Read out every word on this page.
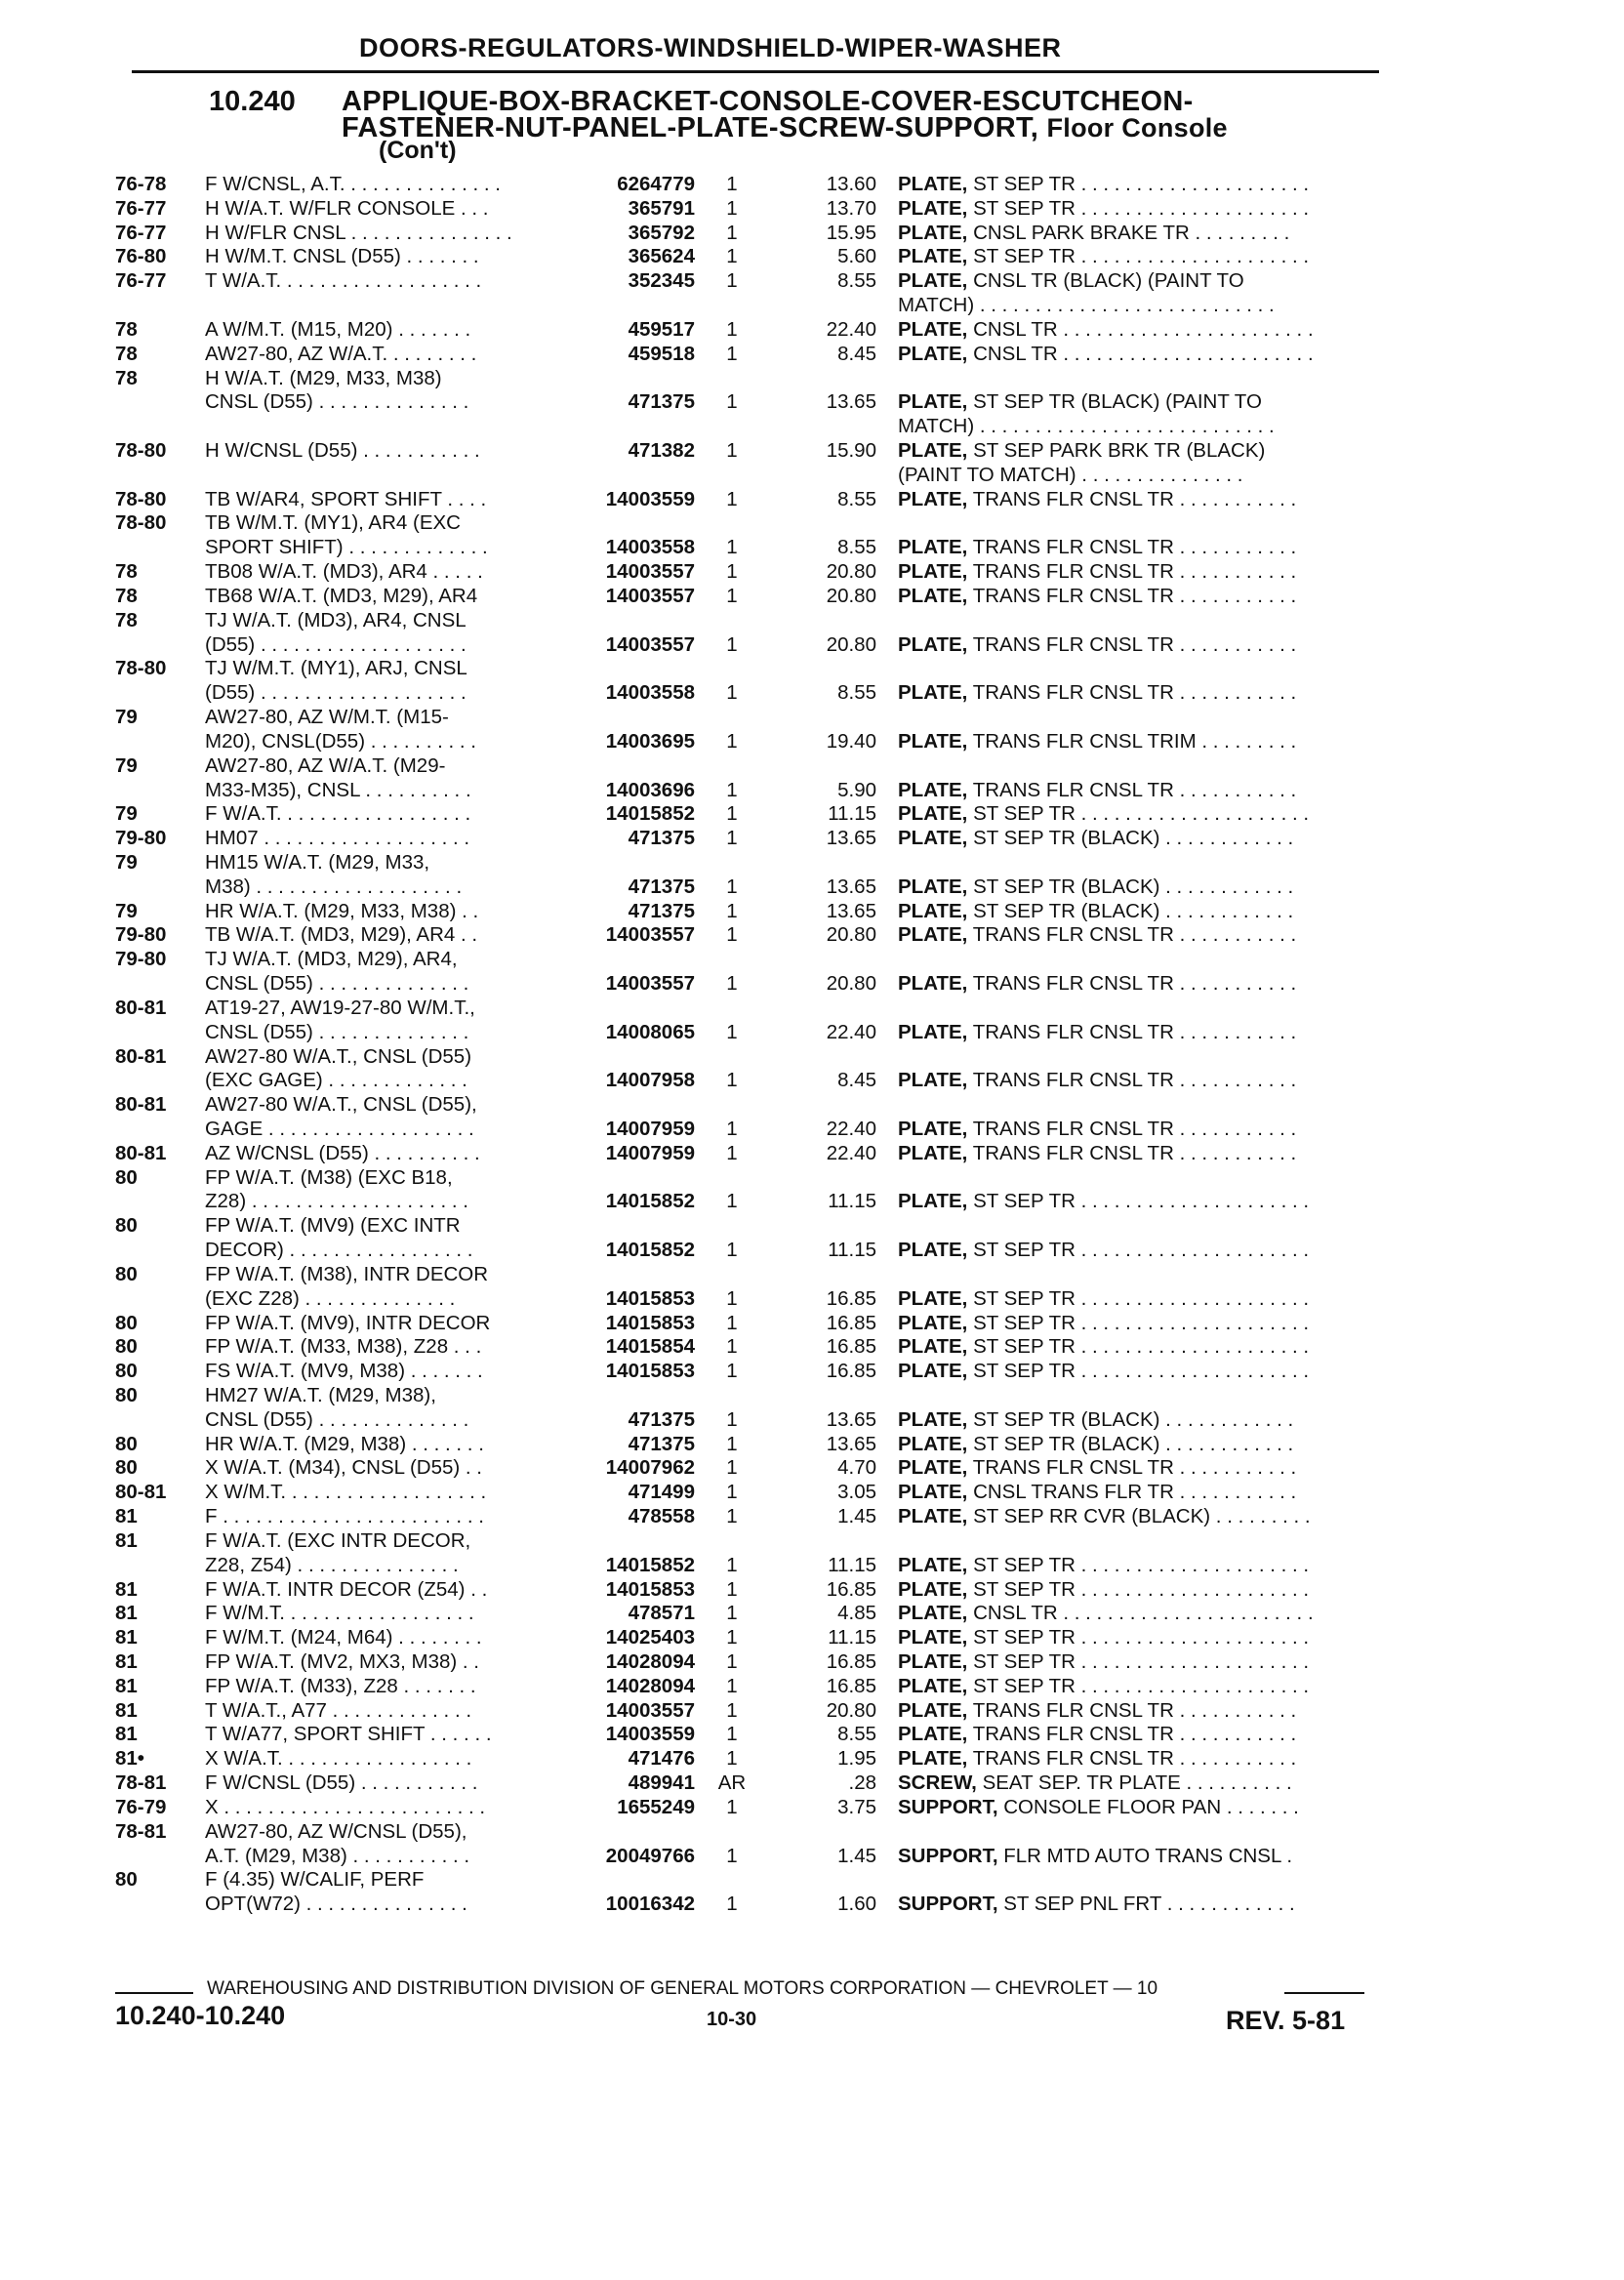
DOORS-REGULATORS-WINDSHIELD-WIPER-WASHER
10.240 APPLIQUE-BOX-BRACKET-CONSOLE-COVER-ESCUTCHEON-
FASTENER-NUT-PANEL-PLATE-SCREW-SUPPORT, Floor Console
(Con't)
76-78	F W/CNSL, A.T. . . . . . . . . . . . . . .	6264779	1	13.60 PLATE, ST SEP TR . . . . . . . . . . . . . . . . . . . . .
76-77	H W/A.T. W/FLR CONSOLE . . .	365791	1	13.70 PLATE, ST SEP TR . . . . . . . . . . . . . . . . . . . . .
76-77	H W/FLR CNSL . . . . . . . . . . . . . . .	365792	1	15.95 PLATE, CNSL PARK BRAKE TR . . . . . . . . .
76-80	H W/M.T. CNSL (D55) . . . . . . .	365624	1	5.60 PLATE, ST SEP TR . . . . . . . . . . . . . . . . . . . . .
76-77	T W/A.T. . . . . . . . . . . . . . . . . . .	352345	1	8.55 PLATE, CNSL TR (BLACK) (PAINT TO
MATCH) . . . . . . . . . . . . . . . . . . . . . . . . . . .
78	A W/M.T. (M15, M20) . . . . . . .	459517	1	22.40 PLATE, CNSL TR . . . . . . . . . . . . . . . . . . . . . . .
78	AW27-80, AZ W/A.T. . . . . . . . .	459518	1	8.45 PLATE, CNSL TR . . . . . . . . . . . . . . . . . . . . . . .
78	H W/A.T. (M29, M33, M38)
CNSL (D55) . . . . . . . . . . . . . .	471375	1	13.65 PLATE, ST SEP TR (BLACK) (PAINT TO
MATCH) . . . . . . . . . . . . . . . . . . . . . . . . . . .
78-80	H W/CNSL (D55) . . . . . . . . . . .	471382	1	15.90 PLATE, ST SEP PARK BRK TR (BLACK)
(PAINT TO MATCH) . . . . . . . . . . . . . . .
78-80	TB W/AR4, SPORT SHIFT . . . .	14003559	1	8.55 PLATE, TRANS FLR CNSL TR . . . . . . . . . . .
78-80	TB W/M.T. (MY1), AR4 (EXC
SPORT SHIFT) . . . . . . . . . . . . .	14003558	1	8.55 PLATE, TRANS FLR CNSL TR . . . . . . . . . . .
78	TB08 W/A.T. (MD3), AR4 . . . . .	14003557	1	20.80 PLATE, TRANS FLR CNSL TR . . . . . . . . . . .
78	TB68 W/A.T. (MD3, M29), AR4	14003557	1	20.80 PLATE, TRANS FLR CNSL TR . . . . . . . . . . .
78	TJ W/A.T. (MD3), AR4, CNSL
(D55) . . . . . . . . . . . . . . . . . . .	14003557	1	20.80 PLATE, TRANS FLR CNSL TR . . . . . . . . . . .
78-80	TJ W/M.T. (MY1), ARJ, CNSL
(D55) . . . . . . . . . . . . . . . . . . .	14003558	1	8.55 PLATE, TRANS FLR CNSL TR . . . . . . . . . . .
79	AW27-80, AZ W/M.T. (M15-
M20), CNSL(D55) . . . . . . . . . .	14003695	1	19.40 PLATE, TRANS FLR CNSL TRIM . . . . . . . . .
79	AW27-80, AZ W/A.T. (M29-
M33-M35), CNSL . . . . . . . . . .	14003696	1	5.90 PLATE, TRANS FLR CNSL TR . . . . . . . . . . .
79	F W/A.T. . . . . . . . . . . . . . . . . .	14015852	1	11.15 PLATE, ST SEP TR . . . . . . . . . . . . . . . . . . . . .
79-80	HM07 . . . . . . . . . . . . . . . . . . .	471375	1	13.65 PLATE, ST SEP TR (BLACK) . . . . . . . . . . . .
79	HM15 W/A.T. (M29, M33,
M38) . . . . . . . . . . . . . . . . . . .	471375	1	13.65 PLATE, ST SEP TR (BLACK) . . . . . . . . . . . .
79	HR W/A.T. (M29, M33, M38) . .	471375	1	13.65 PLATE, ST SEP TR (BLACK) . . . . . . . . . . . .
79-80	TB W/A.T. (MD3, M29), AR4 . .	14003557	1	20.80 PLATE, TRANS FLR CNSL TR . . . . . . . . . . .
79-80	TJ W/A.T. (MD3, M29), AR4,
CNSL (D55) . . . . . . . . . . . . . .	14003557	1	20.80 PLATE, TRANS FLR CNSL TR . . . . . . . . . . .
80-81	AT19-27, AW19-27-80 W/M.T.,
CNSL (D55) . . . . . . . . . . . . . .	14008065	1	22.40 PLATE, TRANS FLR CNSL TR . . . . . . . . . . .
80-81	AW27-80 W/A.T., CNSL (D55)
(EXC GAGE) . . . . . . . . . . . . .	14007958	1	8.45 PLATE, TRANS FLR CNSL TR . . . . . . . . . . .
80-81	AW27-80 W/A.T., CNSL (D55),
GAGE . . . . . . . . . . . . . . . . . . .	14007959	1	22.40 PLATE, TRANS FLR CNSL TR . . . . . . . . . . .
80-81	AZ W/CNSL (D55) . . . . . . . . . .	14007959	1	22.40 PLATE, TRANS FLR CNSL TR . . . . . . . . . . .
80	FP W/A.T. (M38) (EXC B18,
Z28) . . . . . . . . . . . . . . . . . . . .	14015852	1	11.15 PLATE, ST SEP TR . . . . . . . . . . . . . . . . . . . . .
80	FP W/A.T. (MV9) (EXC INTR
DECOR) . . . . . . . . . . . . . . . . .	14015852	1	11.15 PLATE, ST SEP TR . . . . . . . . . . . . . . . . . . . . .
80	FP W/A.T. (M38), INTR DECOR
(EXC Z28) . . . . . . . . . . . . . .	14015853	1	16.85 PLATE, ST SEP TR . . . . . . . . . . . . . . . . . . . . .
80	FP W/A.T. (MV9), INTR DECOR	14015853	1	16.85 PLATE, ST SEP TR . . . . . . . . . . . . . . . . . . . . .
80	FP W/A.T. (M33, M38), Z28 . . .	14015854	1	16.85 PLATE, ST SEP TR . . . . . . . . . . . . . . . . . . . . .
80	FS W/A.T. (MV9, M38) . . . . . . .	14015853	1	16.85 PLATE, ST SEP TR . . . . . . . . . . . . . . . . . . . . .
80	HM27 W/A.T. (M29, M38),
CNSL (D55) . . . . . . . . . . . . . .	471375	1	13.65 PLATE, ST SEP TR (BLACK) . . . . . . . . . . . .
80	HR W/A.T. (M29, M38) . . . . . . .	471375	1	13.65 PLATE, ST SEP TR (BLACK) . . . . . . . . . . . .
80	X W/A.T. (M34), CNSL (D55) . .	14007962	1	4.70 PLATE, TRANS FLR CNSL TR . . . . . . . . . . .
80-81	X W/M.T. . . . . . . . . . . . . . . . . . .	471499	1	3.05 PLATE, CNSL TRANS FLR TR . . . . . . . . . . .
81	F . . . . . . . . . . . . . . . . . . . . . . . .	478558	1	1.45 PLATE, ST SEP RR CVR (BLACK) . . . . . . . . .
81	F W/A.T. (EXC INTR DECOR,
Z28, Z54) . . . . . . . . . . . . . . .	14015852	1	11.15 PLATE, ST SEP TR . . . . . . . . . . . . . . . . . . . . .
81	F W/A.T. INTR DECOR (Z54) . .	14015853	1	16.85 PLATE, ST SEP TR . . . . . . . . . . . . . . . . . . . . .
81	F W/M.T. . . . . . . . . . . . . . . . . .	478571	1	4.85 PLATE, CNSL TR . . . . . . . . . . . . . . . . . . . . . . .
81	F W/M.T. (M24, M64) . . . . . . . .	14025403	1	11.15 PLATE, ST SEP TR . . . . . . . . . . . . . . . . . . . . .
81	FP W/A.T. (MV2, MX3, M38) . .	14028094	1	16.85 PLATE, ST SEP TR . . . . . . . . . . . . . . . . . . . . .
81	FP W/A.T. (M33), Z28 . . . . . . .	14028094	1	16.85 PLATE, ST SEP TR . . . . . . . . . . . . . . . . . . . . .
81	T W/A.T., A77 . . . . . . . . . . . . .	14003557	1	20.80 PLATE, TRANS FLR CNSL TR . . . . . . . . . . .
81	T W/A77, SPORT SHIFT . . . . . .	14003559	1	8.55 PLATE, TRANS FLR CNSL TR . . . . . . . . . . .
81•	X W/A.T. . . . . . . . . . . . . . . . . .	471476	1	1.95 PLATE, TRANS FLR CNSL TR . . . . . . . . . . .
78-81	F W/CNSL (D55) . . . . . . . . . . .	489941	AR	.28 SCREW, SEAT SEP. TR PLATE . . . . . . . . . .
76-79	X . . . . . . . . . . . . . . . . . . . . . . . .	1655249	1	3.75 SUPPORT, CONSOLE FLOOR PAN . . . . . . .
78-81	AW27-80, AZ W/CNSL (D55),
A.T. (M29, M38) . . . . . . . . . . .	20049766	1	1.45 SUPPORT, FLR MTD AUTO TRANS CNSL .
80	F (4.35) W/CALIF, PERF
OPT(W72) . . . . . . . . . . . . . . .	10016342	1	1.60 SUPPORT, ST SEP PNL FRT . . . . . . . . . . . .
WAREHOUSING AND DISTRIBUTION DIVISION OF GENERAL MOTORS CORPORATION — CHEVROLET — 10
10.240-10.240	10-30	REV. 5-81
